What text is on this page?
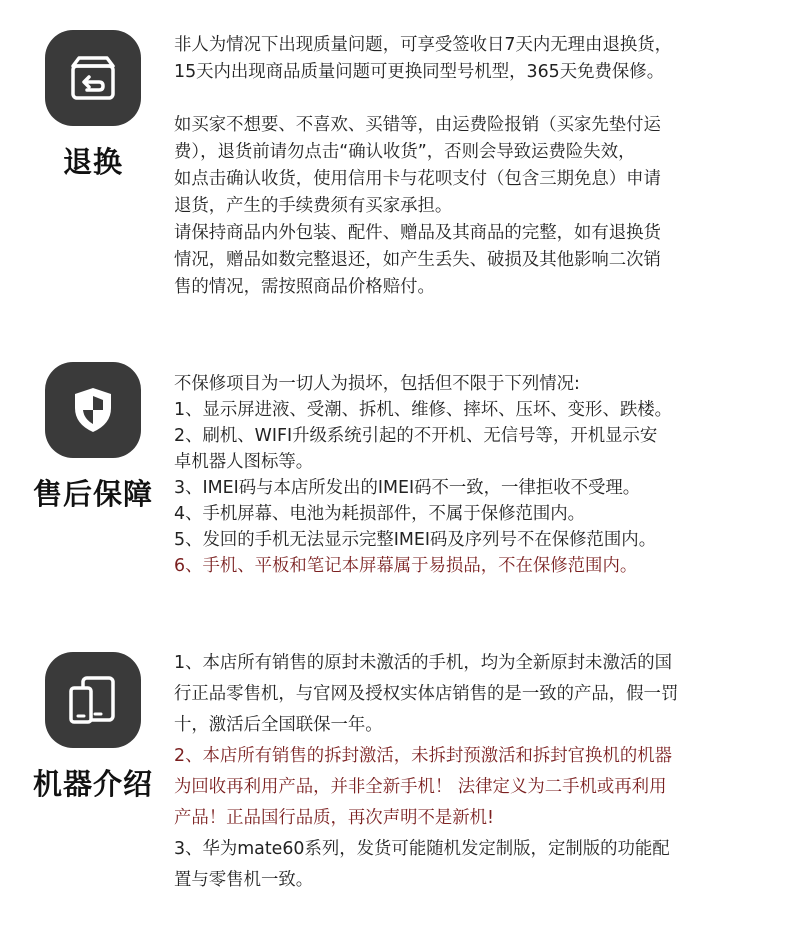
退换

非人为情况下出现质量问题，可享受签收日7天内无理由退换货，

15天内出现商品质量问题可更换同型号机型，365天免费保修。

如买家不想要、不喜欢、买错等，由运费险报销（买家先垫付运

费），退货前请勿点击“确认收货”，否则会导致运费险失效，

如点击确认收货，使用信用卡与花呗支付（包含三期免息）申请

退货，产生的手续费须有买家承担。

请保持商品内外包装、配件、赠品及其商品的完整，如有退换货

情况，赠品如数完整退还，如产生丢失、破损及其他影响二次销

售的情况，需按照商品价格赔付。

售后保障

不保修项目为一切人为损坏，包括但不限于下列情况:

1、显示屏进液、受潮、拆机、维修、摔坏、压坏、变形、跌楼。

2、刷机、WIFI升级系统引起的不开机、无信号等，开机显示安

卓机器人图标等。

3、IMEI码与本店所发出的IMEI码不一致，一律拒收不受理。

4、手机屏幕、电池为耗损部件，不属于保修范围内。

5、发回的手机无法显示完整IMEI码及序列号不在保修范围内。

6、手机、平板和笔记本屏幕属于易损品，不在保修范围内。

机器介绍

1、本店所有销售的原封未激活的手机，均为全新原封未激活的国

行正品零售机，与官网及授权实体店销售的是一致的产品，假一罚

十，激活后全国联保一年。

2、本店所有销售的拆封激活，未拆封预激活和拆封官换机的机器

为回收再利用产品，并非全新手机！ 法律定义为二手机或再利用

产品！正品国行品质，再次声明不是新机!

3、华为mate60系列，发货可能随机发定制版，定制版的功能配

置与零售机一致。
